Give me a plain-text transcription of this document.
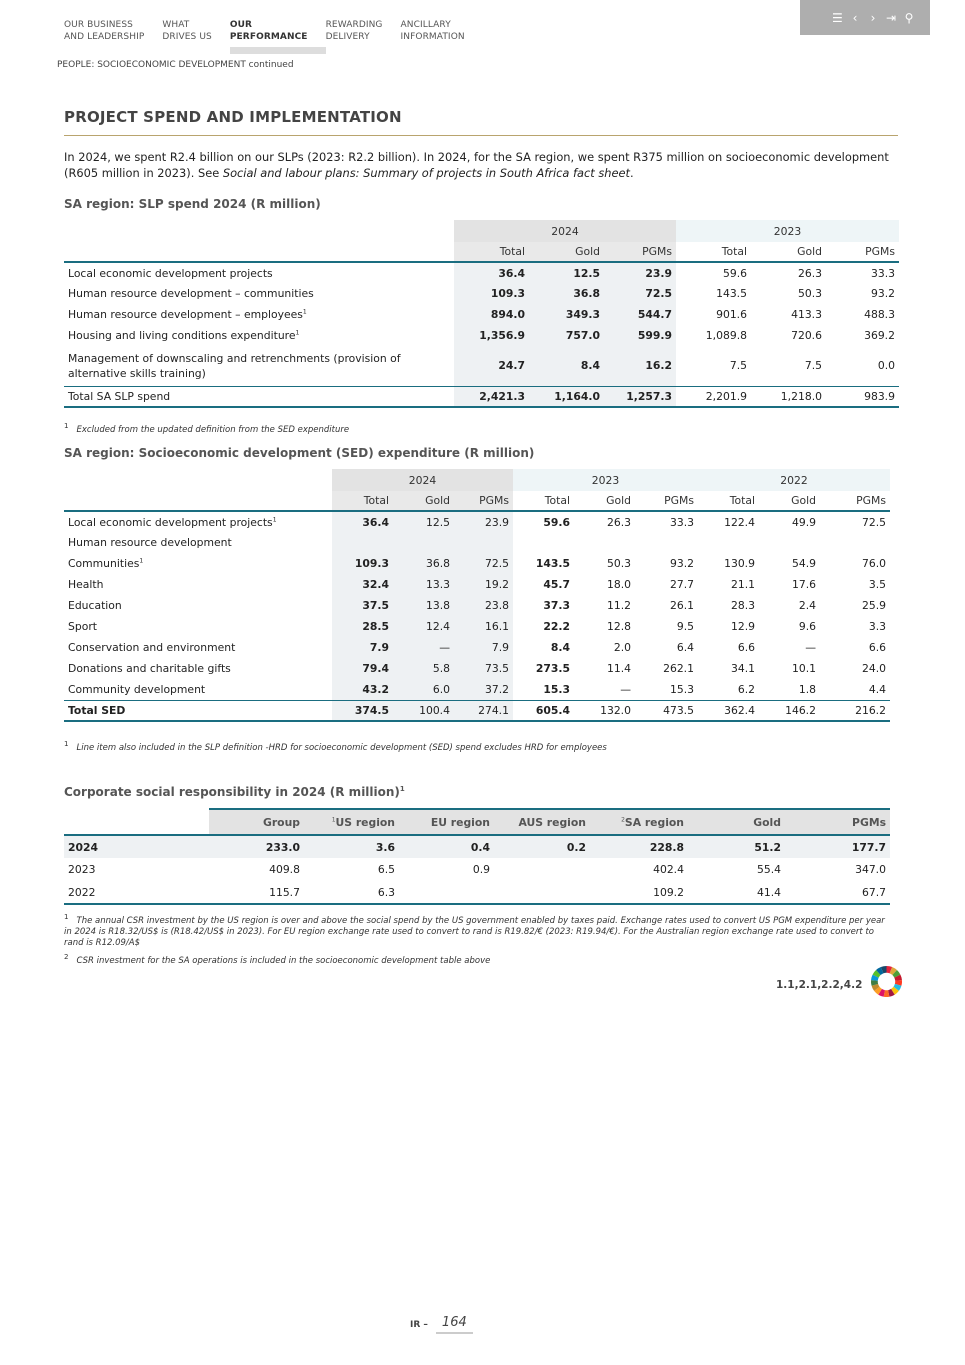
OUR BUSINESS
AND LEADERSHIP
WHAT
DRIVES US
OUR
PERFORMANCE
REWARDING
DELIVERY
ANCILLARY
INFORMATION
☰ ‹ › ⇥ ⚲
PEOPLE: SOCIOECONOMIC DEVELOPMENT continued
PROJECT SPEND AND IMPLEMENTATION

In 2024, we spent R2.4 billion on our SLPs (2023: R2.2 billion). In 2024, for the SA region, we spent R375 million on socioeconomic development (R605 million in 2023). See Social and labour plans: Summary of projects in South Africa fact sheet.

SA region: SLP spend 2024 (R million)
	2024			2023		
	Total	Gold	PGMs	Total	Gold	PGMs
Local economic development projects	36.4	12.5	23.9	59.6	26.3	33.3
Human resource development – communities	109.3	36.8	72.5	143.5	50.3	93.2
Human resource development – employees$^1$	894.0	349.3	544.7	901.6	413.3	488.3
Housing and living conditions expenditure$^1$	1,356.9	757.0	599.9	1,089.8	720.6	369.2
Management of downscaling and retrenchments (provision of alternative skills training)	24.7	8.4	16.2	7.5	7.5	0.0
Total SA SLP spend	2,421.3	1,164.0	1,257.3	2,201.9	1,218.0	983.9
$^1$ Excluded from the updated definition from the SED expenditure
SA region: Socioeconomic development (SED) expenditure (R million)
	2024			2023			2022		
	Total	Gold	PGMs	Total	Gold	PGMs	Total	Gold	PGMs
Local economic development projects$^1$	36.4	12.5	23.9	59.6	26.3	33.3	122.4	49.9	72.5
Human resource development									
Communities$^1$	109.3	36.8	72.5	143.5	50.3	93.2	130.9	54.9	76.0
Health	32.4	13.3	19.2	45.7	18.0	27.7	21.1	17.6	3.5
Education	37.5	13.8	23.8	37.3	11.2	26.1	28.3	2.4	25.9
Sport	28.5	12.4	16.1	22.2	12.8	9.5	12.9	9.6	3.3
Conservation and environment	7.9	—	7.9	8.4	2.0	6.4	6.6	—	6.6
Donations and charitable gifts	79.4	5.8	73.5	273.5	11.4	262.1	34.1	10.1	24.0
Community development	43.2	6.0	37.2	15.3	—	15.3	6.2	1.8	4.4
Total SED	374.5	100.4	274.1	605.4	132.0	473.5	362.4	146.2	216.2
$^1$ Line item also included in the SLP definition -HRD for socioeconomic development (SED) spend excludes HRD for employees
Corporate social responsibility in 2024 (R million)$^1$
	Group	$^1$US region	EU region	AUS region	$^2$SA region	Gold	PGMs
2024	233.0	3.6	0.4	0.2	228.8	51.2	177.7
2023	409.8	6.5	0.9		402.4	55.4	347.0
2022	115.7	6.3			109.2	41.4	67.7
$^1$ The annual CSR investment by the US region is over and above the social spend by the US government enabled by taxes paid. Exchange rates used to convert US PGM expenditure per year in 2024 is R18.32/US$ is (R18.42/US$ in 2023). For EU region exchange rate used to convert to rand is R19.82/€ (2023: R19.94/€). For the Australian region exchange rate used to convert to rand is R12.09/A$
$^2$ CSR investment for the SA operations is included in the socioeconomic development table above
1.1,2.1,2.2,4.2
IR –	164
